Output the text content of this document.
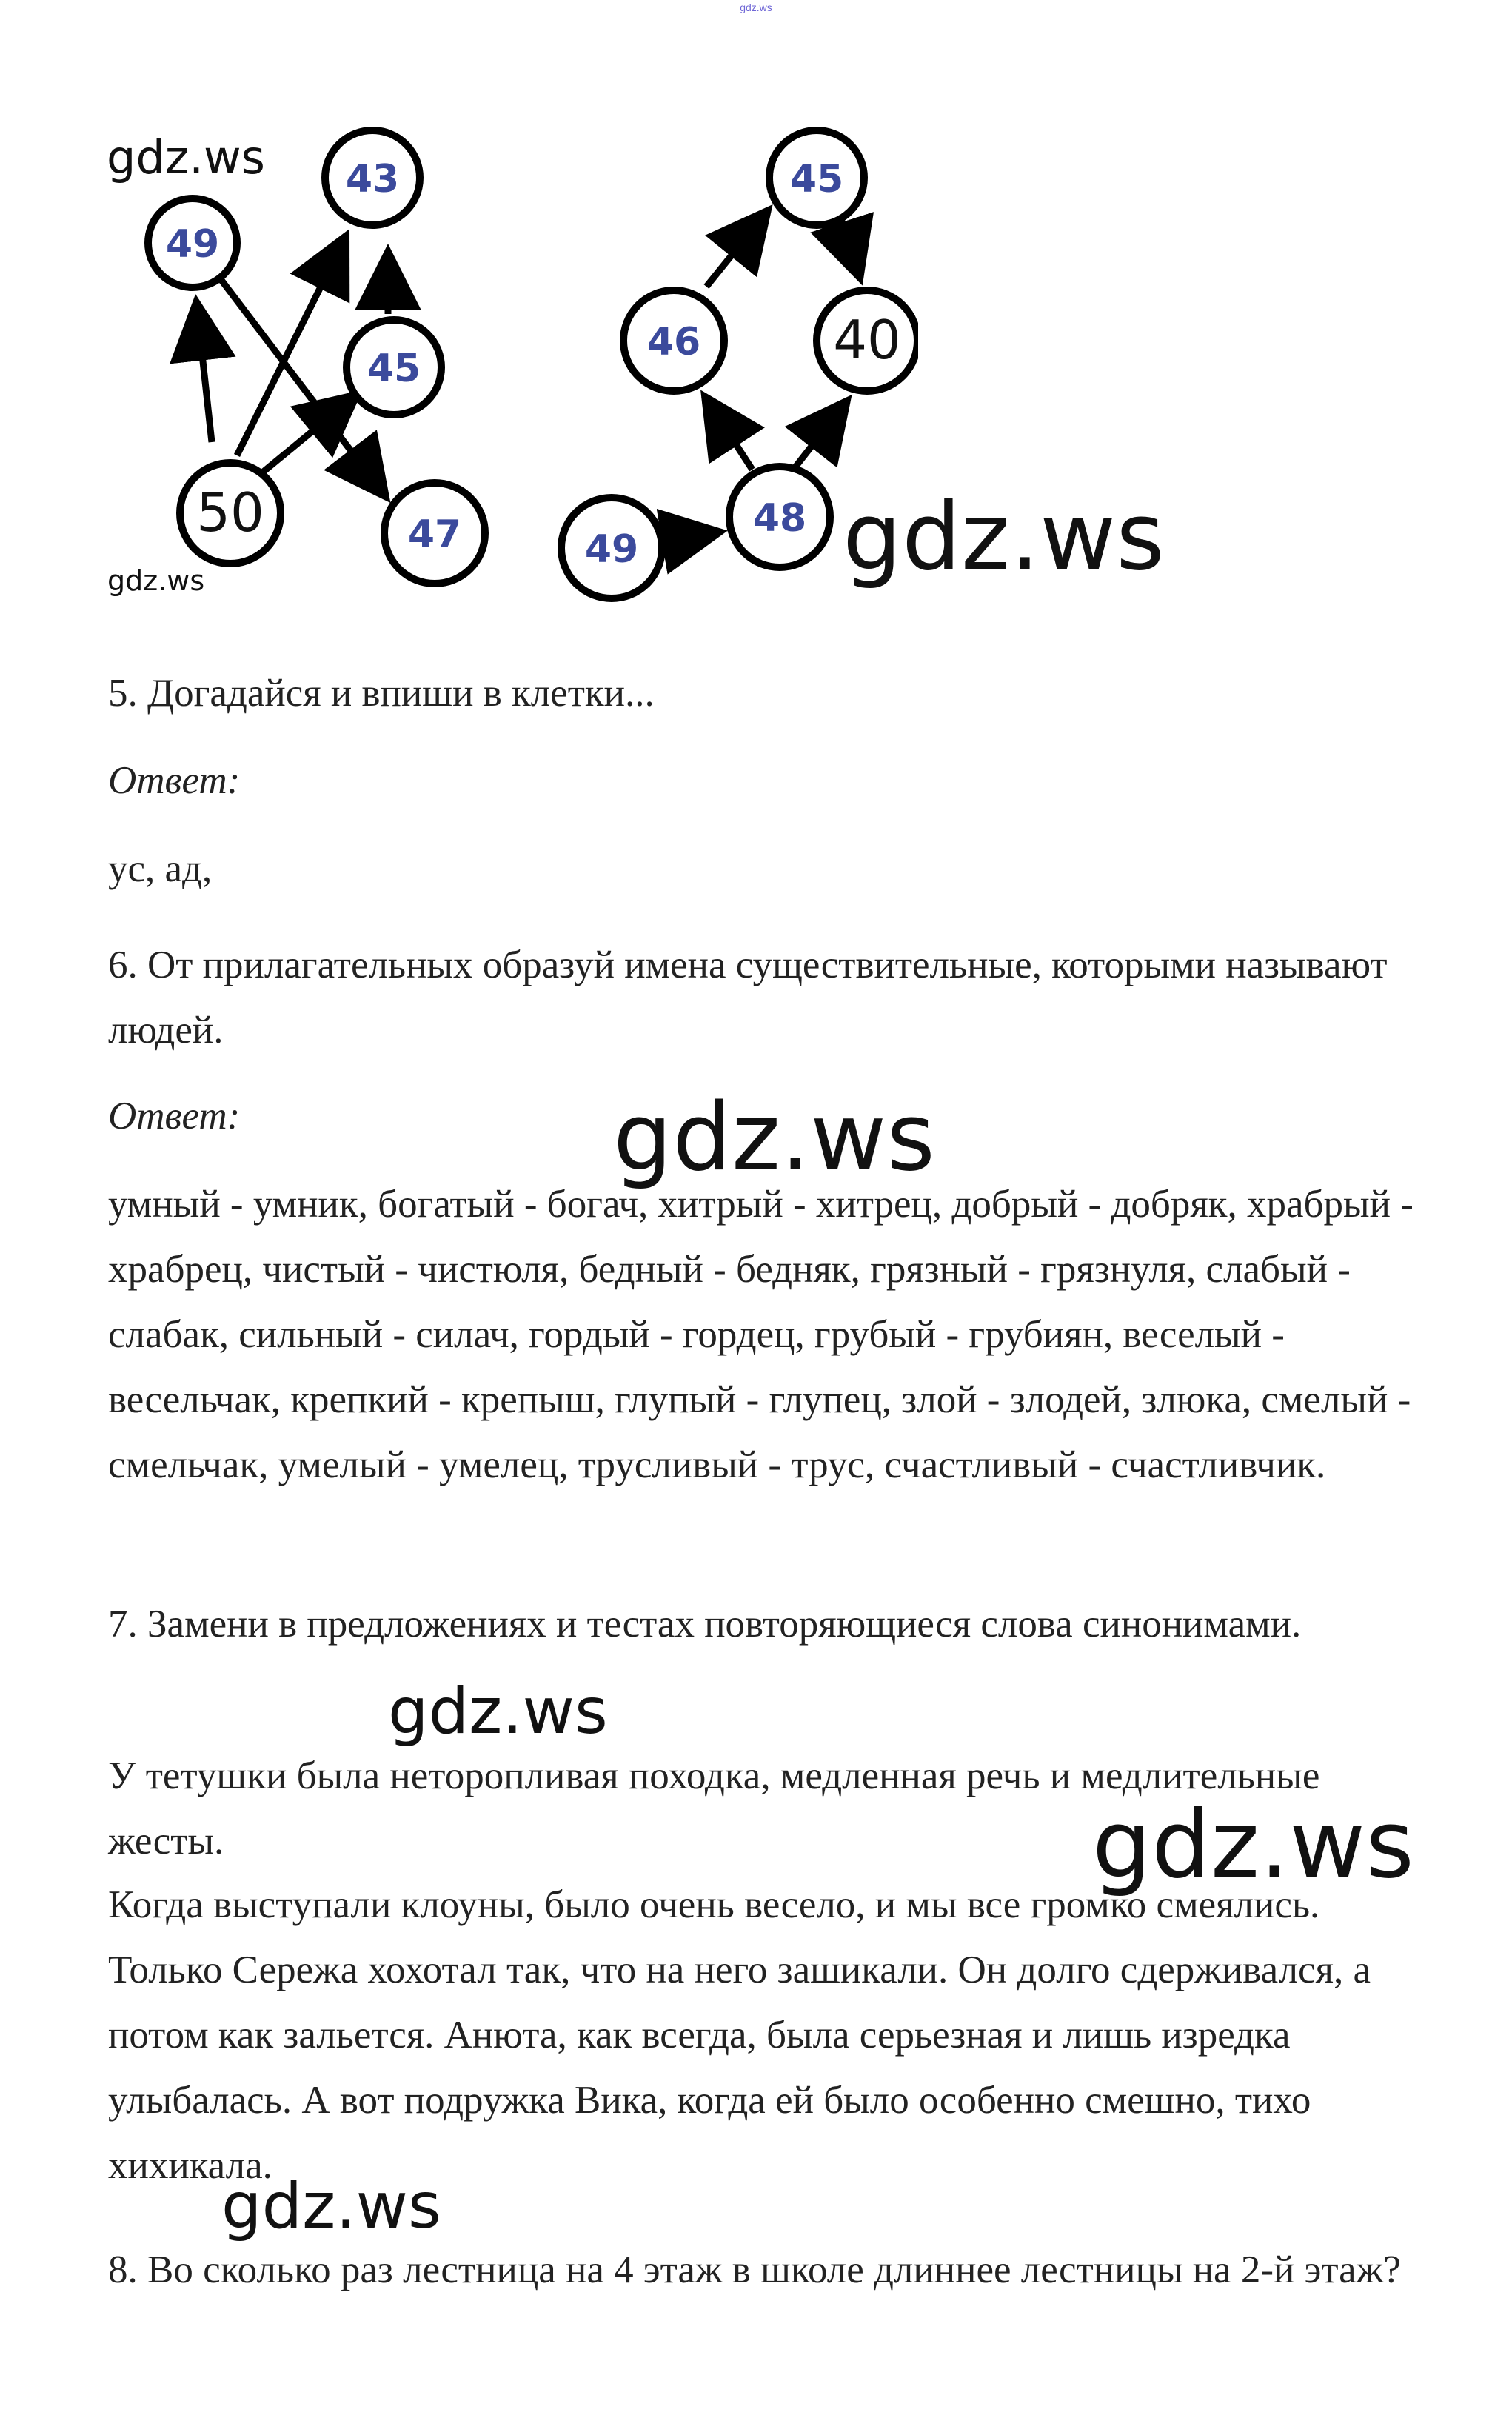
gdz.ws
49
43
45
50	47
45
46 40
49
48
gdz.ws
gdz.ws	gdz.ws

5. Догадайся и впиши в клетки...

Ответ:

ус, ад,

6. От прилагательных образуй имена существительные, которыми называют людей.

Ответ:	gdz.ws

умный - умник, богатый - богач, хитрый - хитрец, добрый - добряк, храбрый - храбрец, чистый - чистюля, бедный - бедняк, грязный - грязнуля, слабый - слабак, сильный - силач, гордый - гордец, грубый - грубиян, веселый - весельчак, крепкий - крепыш, глупый - глупец, злой - злодей, злюка, смелый - смельчак, умелый - умелец, трусливый - трус, счастливый - счастливчик.

7. Замени в предложениях и тестах повторяющиеся слова синонимами.

gdz.ws

У тетушки была неторопливая походка, медленная речь и медлительные жесты.	gdz.ws

Когда выступали клоуны, было очень весело, и мы все громко смеялись. Только Сережа хохотал так, что на него зашикали. Он долго сдерживался, а потом как зальется. Анюта, как всегда, была серьезная и лишь изредка улыбалась. А вот подружка Вика, когда ей было особенно смешно, тихо хихикала.

gdz.ws

8. Во сколько раз лестница на 4 этаж в школе длиннее лестницы на 2-й этаж?
